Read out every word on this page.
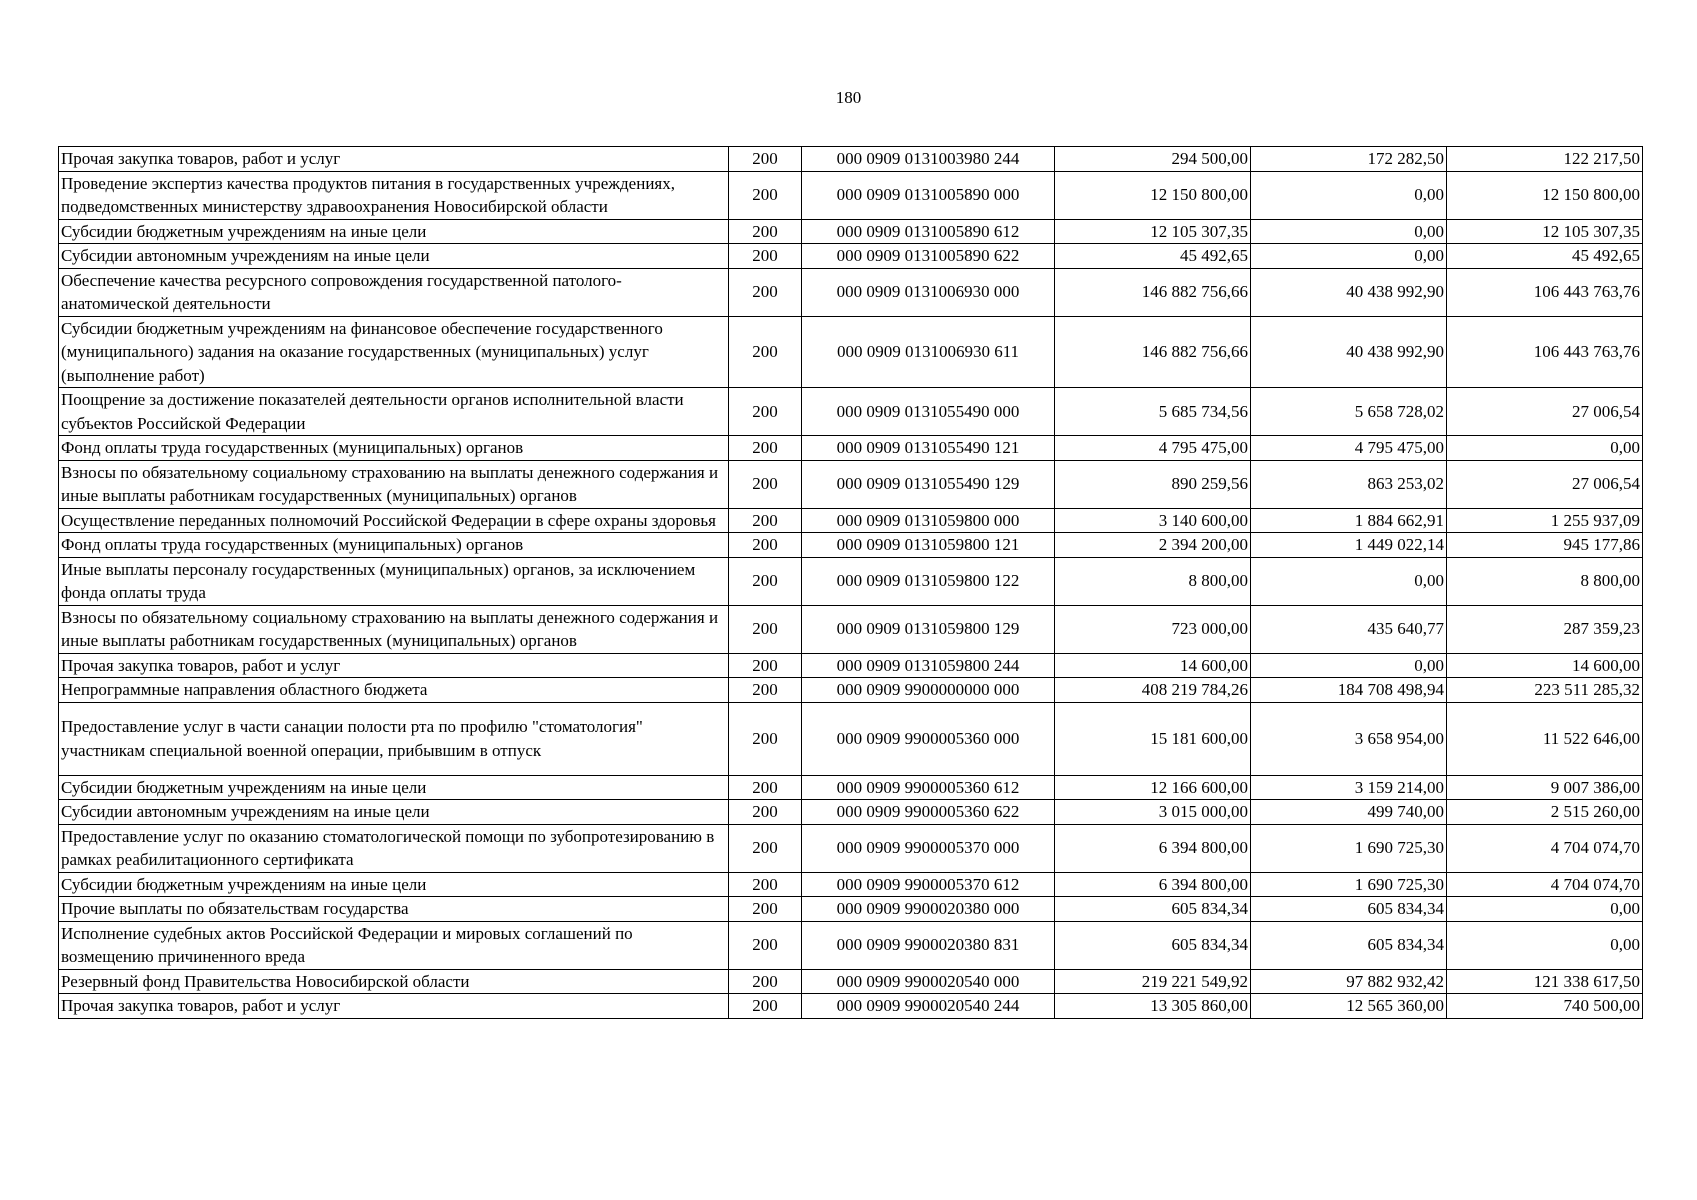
180
Прочая закупка товаров, работ и услуг	200	000 0909 0131003980 244	294 500,00	172 282,50	122 217,50
Проведение экспертиз качества продуктов питания в государственных учреждениях, подведомственных министерству здравоохранения Новосибирской области	200	000 0909 0131005890 000	12 150 800,00	0,00	12 150 800,00
Субсидии бюджетным учреждениям на иные цели	200	000 0909 0131005890 612	12 105 307,35	0,00	12 105 307,35
Субсидии автономным учреждениям на иные цели	200	000 0909 0131005890 622	45 492,65	0,00	45 492,65
Обеспечение качества ресурсного сопровождения государственной патолого-анатомической деятельности	200	000 0909 0131006930 000	146 882 756,66	40 438 992,90	106 443 763,76
Субсидии бюджетным учреждениям на финансовое обеспечение государственного (муниципального) задания на оказание государственных (муниципальных) услуг (выполнение работ)	200	000 0909 0131006930 611	146 882 756,66	40 438 992,90	106 443 763,76
Поощрение за достижение показателей деятельности органов исполнительной власти субъектов Российской Федерации	200	000 0909 0131055490 000	5 685 734,56	5 658 728,02	27 006,54
Фонд оплаты труда государственных (муниципальных) органов	200	000 0909 0131055490 121	4 795 475,00	4 795 475,00	0,00
Взносы по обязательному социальному страхованию на выплаты денежного содержания и иные выплаты работникам государственных (муниципальных) органов	200	000 0909 0131055490 129	890 259,56	863 253,02	27 006,54
Осуществление переданных полномочий Российской Федерации в сфере охраны здоровья	200	000 0909 0131059800 000	3 140 600,00	1 884 662,91	1 255 937,09
Фонд оплаты труда государственных (муниципальных) органов	200	000 0909 0131059800 121	2 394 200,00	1 449 022,14	945 177,86
Иные выплаты персоналу государственных (муниципальных) органов, за исключением фонда оплаты труда	200	000 0909 0131059800 122	8 800,00	0,00	8 800,00
Взносы по обязательному социальному страхованию на выплаты денежного содержания и иные выплаты работникам государственных (муниципальных) органов	200	000 0909 0131059800 129	723 000,00	435 640,77	287 359,23
Прочая закупка товаров, работ и услуг	200	000 0909 0131059800 244	14 600,00	0,00	14 600,00
Непрограммные направления областного бюджета	200	000 0909 9900000000 000	408 219 784,26	184 708 498,94	223 511 285,32
Предоставление услуг в части санации полости рта по профилю "стоматология" участникам специальной военной операции, прибывшим в отпуск	200	000 0909 9900005360 000	15 181 600,00	3 658 954,00	11 522 646,00
Субсидии бюджетным учреждениям на иные цели	200	000 0909 9900005360 612	12 166 600,00	3 159 214,00	9 007 386,00
Субсидии автономным учреждениям на иные цели	200	000 0909 9900005360 622	3 015 000,00	499 740,00	2 515 260,00
Предоставление услуг по оказанию стоматологической помощи по зубопротезированию в рамках реабилитационного сертификата	200	000 0909 9900005370 000	6 394 800,00	1 690 725,30	4 704 074,70
Субсидии бюджетным учреждениям на иные цели	200	000 0909 9900005370 612	6 394 800,00	1 690 725,30	4 704 074,70
Прочие выплаты по обязательствам государства	200	000 0909 9900020380 000	605 834,34	605 834,34	0,00
Исполнение судебных актов Российской Федерации и мировых соглашений по возмещению причиненного вреда	200	000 0909 9900020380 831	605 834,34	605 834,34	0,00
Резервный фонд Правительства Новосибирской области	200	000 0909 9900020540 000	219 221 549,92	97 882 932,42	121 338 617,50
Прочая закупка товаров, работ и услуг	200	000 0909 9900020540 244	13 305 860,00	12 565 360,00	740 500,00
